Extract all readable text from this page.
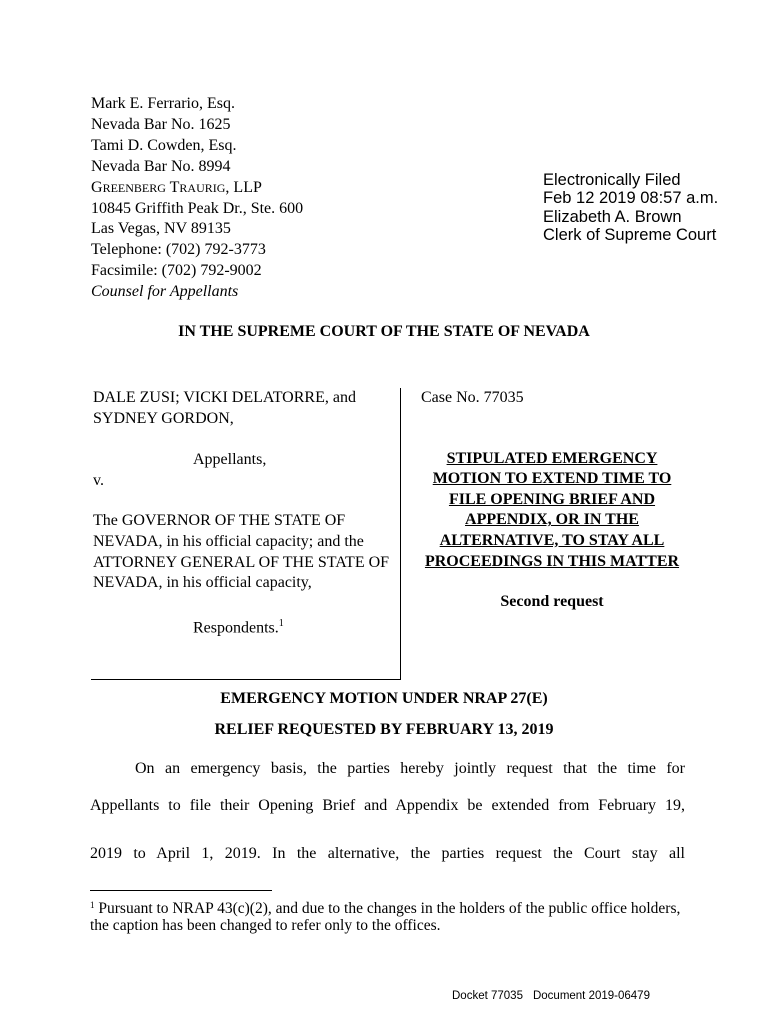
Mark E. Ferrario, Esq.
Nevada Bar No. 1625
Tami D. Cowden, Esq.
Nevada Bar No. 8994
GREENBERG TRAURIG, LLP
10845 Griffith Peak Dr., Ste. 600
Las Vegas, NV 89135
Telephone: (702) 792-3773
Facsimile: (702) 792-9002
Counsel for Appellants
Electronically Filed
Feb 12 2019 08:57 a.m.
Elizabeth A. Brown
Clerk of Supreme Court
IN THE SUPREME COURT OF THE STATE OF NEVADA
DALE ZUSI; VICKI DELATORRE, and SYDNEY GORDON,
Appellants,
v.
The GOVERNOR OF THE STATE OF NEVADA, in his official capacity; and the ATTORNEY GENERAL OF THE STATE OF NEVADA, in his official capacity,
Respondents.$^1$
Case No. 77035
STIPULATED EMERGENCY MOTION TO EXTEND TIME TO FILE OPENING BRIEF AND APPENDIX, OR IN THE ALTERNATIVE, TO STAY ALL PROCEEDINGS IN THIS MATTER
Second request
EMERGENCY MOTION UNDER NRAP 27(E)
RELIEF REQUESTED BY FEBRUARY 13, 2019
On an emergency basis, the parties hereby jointly request that the time for
Appellants to file their Opening Brief and Appendix be extended from February 19,
2019 to April 1, 2019. In the alternative, the parties request the Court stay all
$^1$ Pursuant to NRAP 43(c)(2), and due to the changes in the holders of the public office holders, the caption has been changed to refer only to the offices.
Docket 77035 Document 2019-06479
